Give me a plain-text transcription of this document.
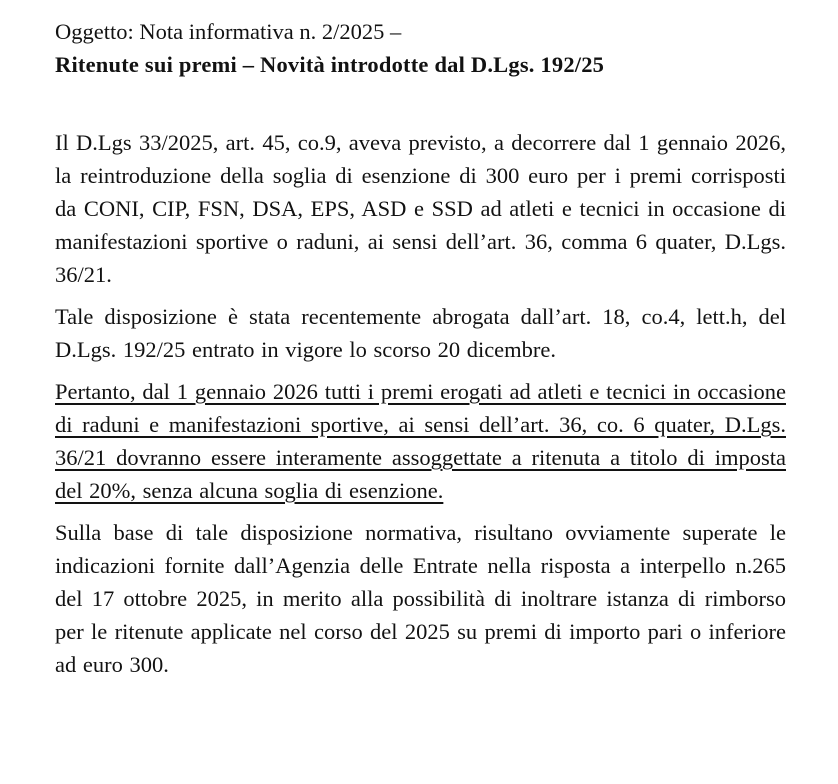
Oggetto: Nota informativa n. 2/2025 –
Ritenute sui premi – Novità introdotte dal D.Lgs. 192/25

Il D.Lgs 33/2025, art. 45, co.9, aveva previsto, a decorrere dal 1 gennaio 2026, la reintroduzione della soglia di esenzione di 300 euro per i premi corrisposti da CONI, CIP, FSN, DSA, EPS, ASD e SSD ad atleti e tecnici in occasione di manifestazioni sportive o raduni, ai sensi dell’art. 36, comma 6 quater, D.Lgs. 36/21.

Tale disposizione è stata recentemente abrogata dall’art. 18, co.4, lett.h, del D.Lgs. 192/25 entrato in vigore lo scorso 20 dicembre.

Pertanto, dal 1 gennaio 2026 tutti i premi erogati ad atleti e tecnici in occasione di raduni e manifestazioni sportive, ai sensi dell’art. 36, co. 6 quater, D.Lgs. 36/21 dovranno essere interamente assoggettate a ritenuta a titolo di imposta del 20%, senza alcuna soglia di esenzione.

Sulla base di tale disposizione normativa, risultano ovviamente superate le indicazioni fornite dall’Agenzia delle Entrate nella risposta a interpello n.265 del 17 ottobre 2025, in merito alla possibilità di inoltrare istanza di rimborso per le ritenute applicate nel corso del 2025 su premi di importo pari o inferiore ad euro 300.
